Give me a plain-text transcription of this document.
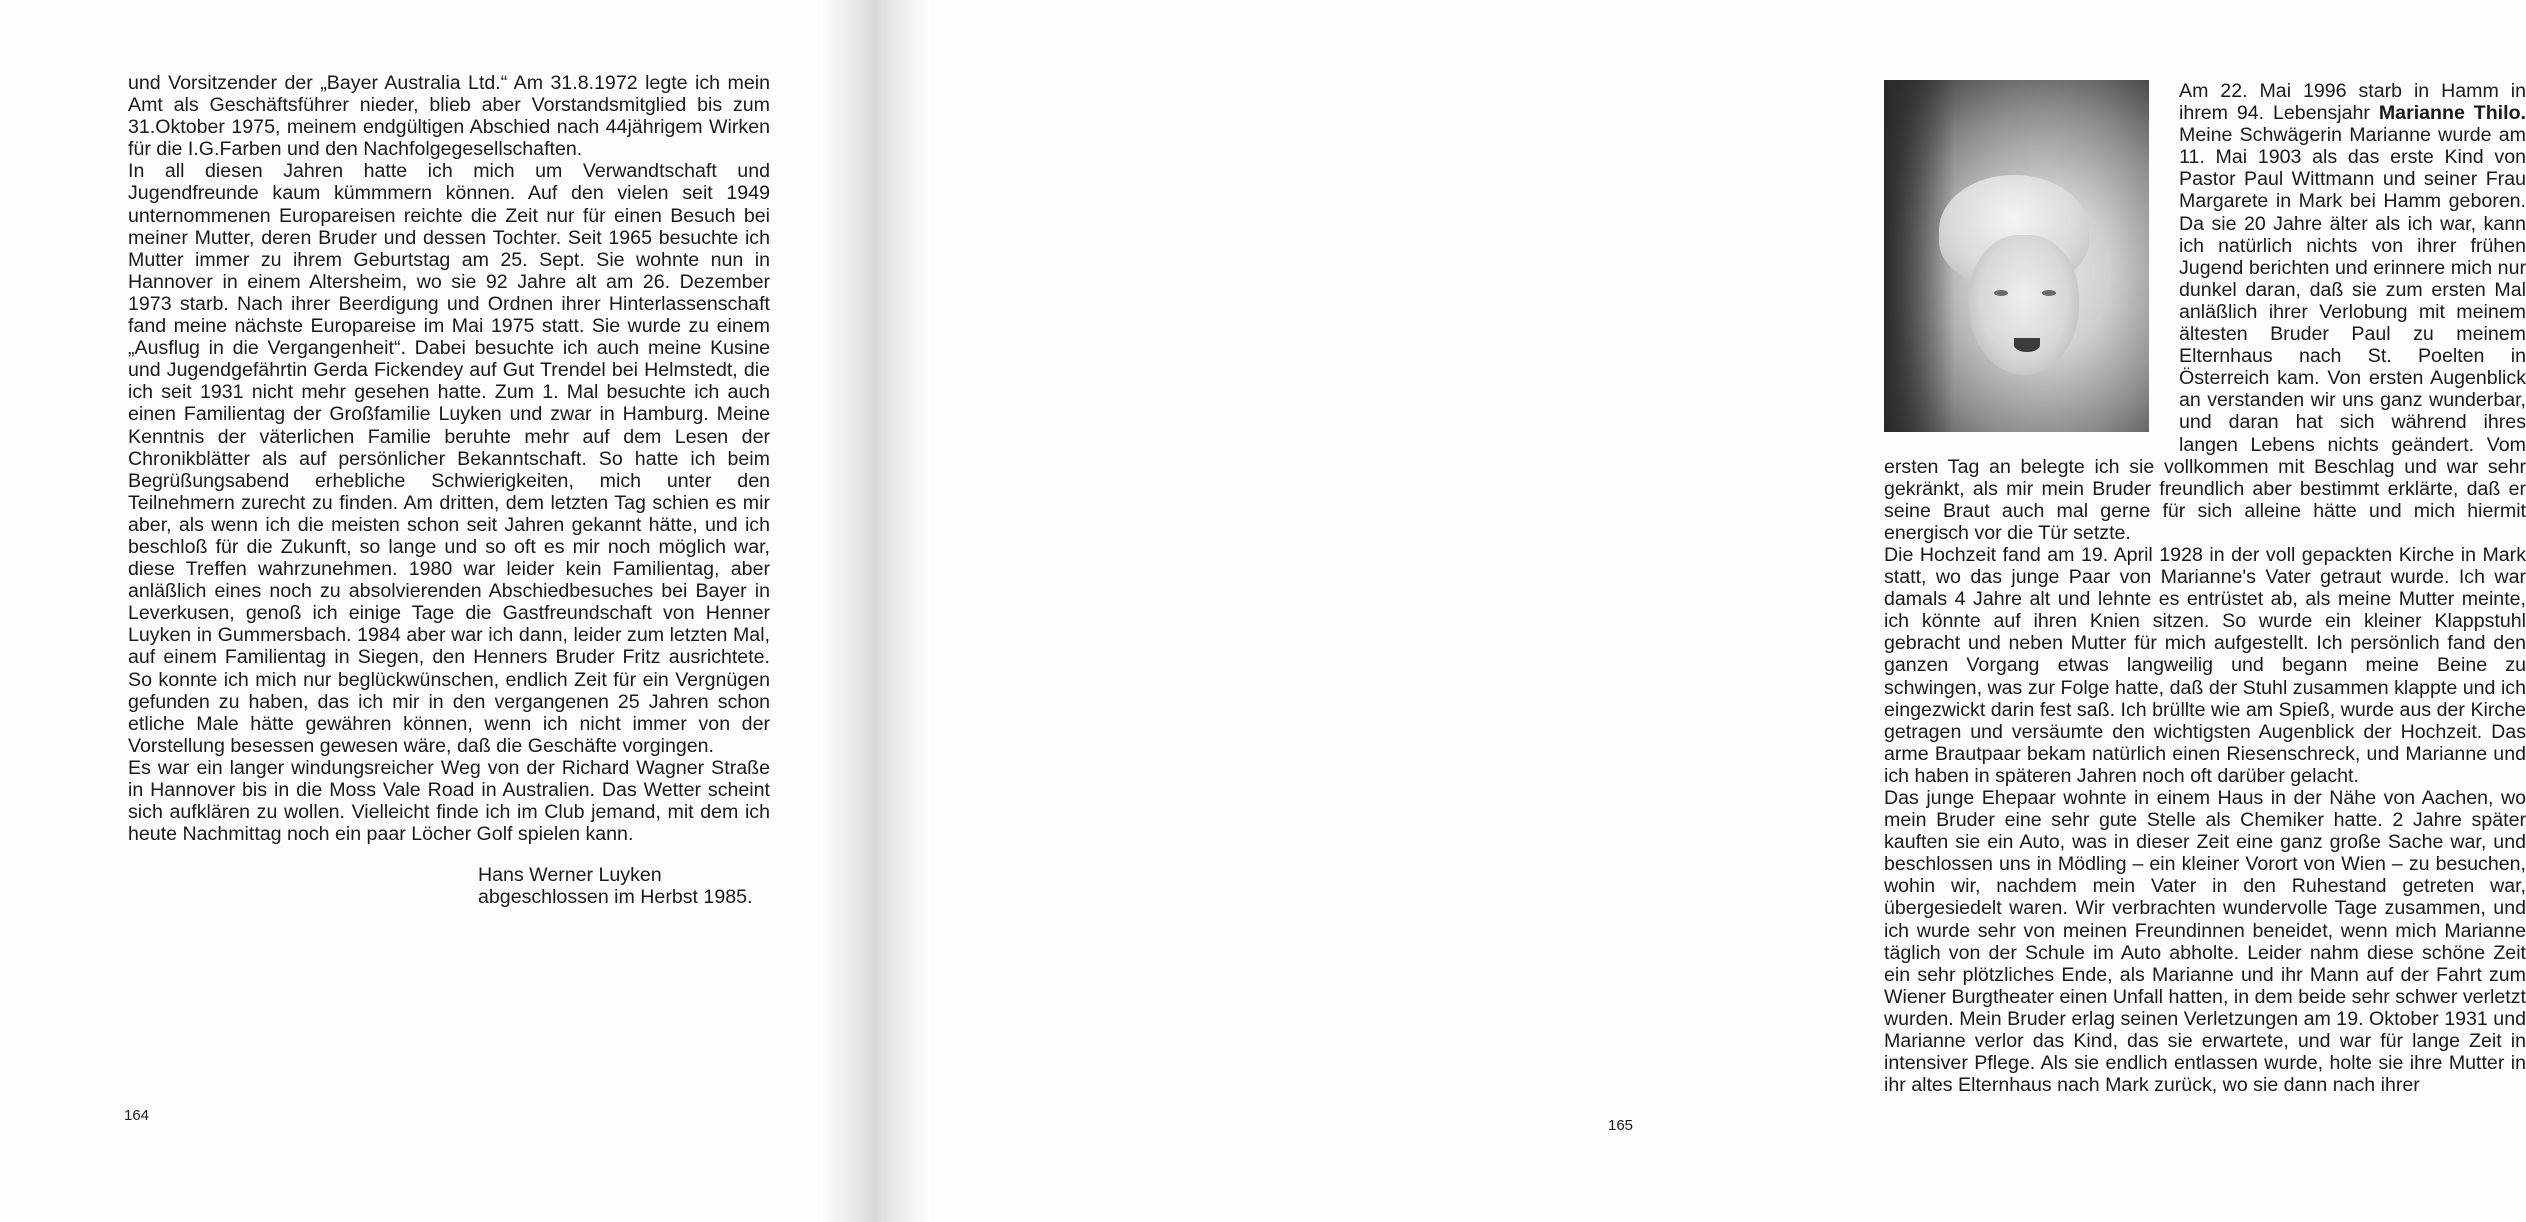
und Vorsitzender der „Bayer Australia Ltd.“ Am 31.8.1972 legte ich mein Amt als Geschäftsführer nieder, blieb aber Vorstandsmitglied bis zum 31.Oktober 1975, meinem endgültigen Abschied nach 44jährigem Wirken für die I.G.Farben und den Nachfolgegesellschaften.

In all diesen Jahren hatte ich mich um Verwandtschaft und Jugendfreunde kaum kümmmern können. Auf den vielen seit 1949 unternommenen Europareisen reichte die Zeit nur für einen Besuch bei meiner Mutter, deren Bruder und dessen Tochter. Seit 1965 besuchte ich Mutter immer zu ihrem Geburtstag am 25. Sept. Sie wohnte nun in Hannover in einem Altersheim, wo sie 92 Jahre alt am 26. Dezember 1973 starb. Nach ihrer Beerdigung und Ordnen ihrer Hinterlassenschaft fand meine nächste Europareise im Mai 1975 statt. Sie wurde zu einem „Ausflug in die Vergangenheit“. Dabei besuchte ich auch meine Kusine und Jugendgefährtin Gerda Fickendey auf Gut Trendel bei Helmstedt, die ich seit 1931 nicht mehr gesehen hatte. Zum 1. Mal besuchte ich auch einen Familientag der Großfamilie Luyken und zwar in Hamburg. Meine Kenntnis der väterlichen Familie beruhte mehr auf dem Lesen der Chronikblätter als auf persönlicher Bekanntschaft. So hatte ich beim Begrüßungsabend erhebliche Schwierigkeiten, mich unter den Teilnehmern zurecht zu finden. Am dritten, dem letzten Tag schien es mir aber, als wenn ich die meisten schon seit Jahren gekannt hätte, und ich beschloß für die Zukunft, so lange und so oft es mir noch möglich war, diese Treffen wahrzunehmen. 1980 war leider kein Familientag, aber anläßlich eines noch zu absolvierenden Abschiedbesuches bei Bayer in Leverkusen, genoß ich einige Tage die Gastfreundschaft von Henner Luyken in Gummersbach. 1984 aber war ich dann, leider zum letzten Mal, auf einem Familientag in Siegen, den Henners Bruder Fritz ausrichtete. So konnte ich mich nur beglückwünschen, endlich Zeit für ein Vergnügen gefunden zu haben, das ich mir in den vergangenen 25 Jahren schon etliche Male hätte gewähren können, wenn ich nicht immer von der Vorstellung besessen gewesen wäre, daß die Geschäfte vorgingen.

Es war ein langer windungsreicher Weg von der Richard Wagner Straße in Hannover bis in die Moss Vale Road in Australien. Das Wetter scheint sich aufklären zu wollen. Vielleicht finde ich im Club jemand, mit dem ich heute Nachmittag noch ein paar Löcher Golf spielen kann.

Hans Werner Luyken
abgeschlossen im Herbst 1985.
164

Am 22. Mai 1996 starb in Hamm in ihrem 94. Lebensjahr Marianne Thilo. Meine Schwägerin Marianne wurde am 11. Mai 1903 als das erste Kind von Pastor Paul Wittmann und seiner Frau Margarete in Mark bei Hamm geboren. Da sie 20 Jahre älter als ich war, kann ich natürlich nichts von ihrer frühen Jugend berichten und erinnere mich nur dunkel daran, daß sie zum ersten Mal anläßlich ihrer Verlobung mit meinem ältesten Bruder Paul zu meinem Elternhaus nach St. Poelten in Österreich kam. Von ersten Augenblick an verstanden wir uns ganz wunderbar, und daran hat sich während ihres langen Lebens nichts geändert. Vom ersten Tag an belegte ich sie vollkommen mit Beschlag und war sehr gekränkt, als mir mein Bruder freundlich aber bestimmt erklärte, daß er seine Braut auch mal gerne für sich alleine hätte und mich hiermit energisch vor die Tür setzte.

Die Hochzeit fand am 19. April 1928 in der voll gepackten Kirche in Mark statt, wo das junge Paar von Marianne's Vater getraut wurde. Ich war damals 4 Jahre alt und lehnte es entrüstet ab, als meine Mutter meinte, ich könnte auf ihren Knien sitzen. So wurde ein kleiner Klappstuhl gebracht und neben Mutter für mich aufgestellt. Ich persönlich fand den ganzen Vorgang etwas langweilig und begann meine Beine zu schwingen, was zur Folge hatte, daß der Stuhl zusammen klappte und ich eingezwickt darin fest saß. Ich brüllte wie am Spieß, wurde aus der Kirche getragen und versäumte den wichtigsten Augenblick der Hochzeit. Das arme Brautpaar bekam natürlich einen Riesenschreck, und Marianne und ich haben in späteren Jahren noch oft darüber gelacht.

Das junge Ehepaar wohnte in einem Haus in der Nähe von Aachen, wo mein Bruder eine sehr gute Stelle als Chemiker hatte. 2 Jahre später kauften sie ein Auto, was in dieser Zeit eine ganz große Sache war, und beschlossen uns in Mödling – ein kleiner Vorort von Wien – zu besuchen, wohin wir, nachdem mein Vater in den Ruhestand getreten war, übergesiedelt waren. Wir verbrachten wundervolle Tage zusammen, und ich wurde sehr von meinen Freundinnen beneidet, wenn mich Marianne täglich von der Schule im Auto abholte. Leider nahm diese schöne Zeit ein sehr plötzliches Ende, als Marianne und ihr Mann auf der Fahrt zum Wiener Burgtheater einen Unfall hatten, in dem beide sehr schwer verletzt wurden. Mein Bruder erlag seinen Verletzungen am 19. Oktober 1931 und Marianne verlor das Kind, das sie erwartete, und war für lange Zeit in intensiver Pflege. Als sie endlich entlassen wurde, holte sie ihre Mutter in ihr altes Elternhaus nach Mark zurück, wo sie dann nach ihrer

165
